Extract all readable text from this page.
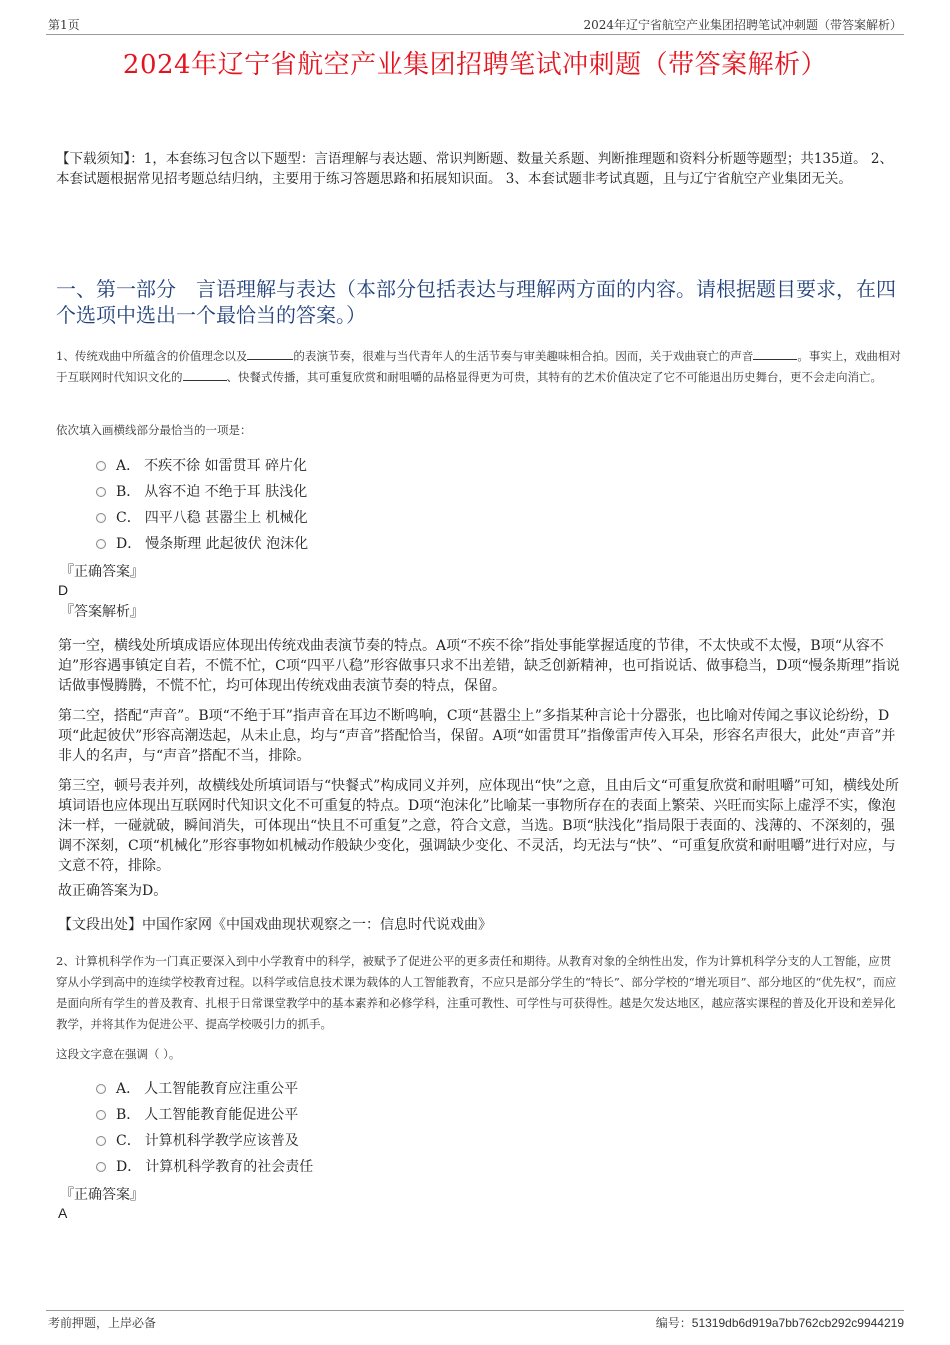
第1页	2024年辽宁省航空产业集团招聘笔试冲刺题（带答案解析）
2024年辽宁省航空产业集团招聘笔试冲刺题（带答案解析）
【下载须知】：1，本套练习包含以下题型：言语理解与表达题、常识判断题、数量关系题、判断推理题和资料分析题等题型；共135道。 2、本套试题根据常见招考题总结归纳，主要用于练习答题思路和拓展知识面。 3、本套试题非考试真题，且与辽宁省航空产业集团无关。
一、第一部分　言语理解与表达（本部分包括表达与理解两方面的内容。请根据题目要求，在四个选项中选出一个最恰当的答案。）
1、传统戏曲中所蕴含的价值理念以及	的表演节奏，很难与当代青年人的生活节奏与审美趣味相合拍。因而，关于戏曲衰亡的声音	。事实上，戏曲相对于互联网时代知识文化的	、快餐式传播，其可重复欣赏和耐咀嚼的品格显得更为可贵，其特有的艺术价值决定了它不可能退出历史舞台，更不会走向消亡。
依次填入画横线部分最恰当的一项是：
A． 不疾不徐 如雷贯耳 碎片化
B． 从容不迫 不绝于耳 肤浅化
C． 四平八稳 甚嚣尘上 机械化
D． 慢条斯理 此起彼伏 泡沫化
『正确答案』
D
『答案解析』
第一空，横线处所填成语应体现出传统戏曲表演节奏的特点。A项“不疾不徐”指处事能掌握适度的节律，不太快或不太慢，B项“从容不迫”形容遇事镇定自若，不慌不忙，C项“四平八稳”形容做事只求不出差错，缺乏创新精神，也可指说话、做事稳当，D项“慢条斯理”指说话做事慢腾腾，不慌不忙，均可体现出传统戏曲表演节奏的特点，保留。
第二空，搭配“声音”。B项“不绝于耳”指声音在耳边不断鸣响，C项“甚嚣尘上”多指某种言论十分嚣张，也比喻对传闻之事议论纷纷，D项“此起彼伏”形容高潮迭起，从未止息，均与“声音”搭配恰当，保留。A项“如雷贯耳”指像雷声传入耳朵，形容名声很大，此处“声音”并非人的名声，与“声音”搭配不当，排除。
第三空，顿号表并列，故横线处所填词语与“快餐式”构成同义并列，应体现出“快”之意，且由后文“可重复欣赏和耐咀嚼”可知，横线处所填词语也应体现出互联网时代知识文化不可重复的特点。D项“泡沫化”比喻某一事物所存在的表面上繁荣、兴旺而实际上虚浮不实，像泡沫一样，一碰就破，瞬间消失，可体现出“快且不可重复”之意，符合文意，当选。B项“肤浅化”指局限于表面的、浅薄的、不深刻的，强调不深刻，C项“机械化”形容事物如机械动作般缺少变化，强调缺少变化、不灵活，均无法与“快”、“可重复欣赏和耐咀嚼”进行对应，与文意不符，排除。
故正确答案为D。
【文段出处】中国作家网《中国戏曲现状观察之一：信息时代说戏曲》
2、计算机科学作为一门真正要深入到中小学教育中的科学，被赋予了促进公平的更多责任和期待。从教育对象的全纳性出发，作为计算机科学分支的人工智能，应贯穿从小学到高中的连续学校教育过程。以科学或信息技术课为载体的人工智能教育，不应只是部分学生的“特长”、部分学校的“增光项目”、部分地区的“优先权”，而应是面向所有学生的普及教育、扎根于日常课堂教学中的基本素养和必修学科，注重可教性、可学性与可获得性。越是欠发达地区，越应落实课程的普及化开设和差异化教学，并将其作为促进公平、提高学校吸引力的抓手。
这段文字意在强调（ ）。
A． 人工智能教育应注重公平
B． 人工智能教育能促进公平
C． 计算机科学教学应该普及
D． 计算机科学教育的社会责任
『正确答案』
A
考前押题，上岸必备	编号：51319db6d919a7bb762cb292c9944219
